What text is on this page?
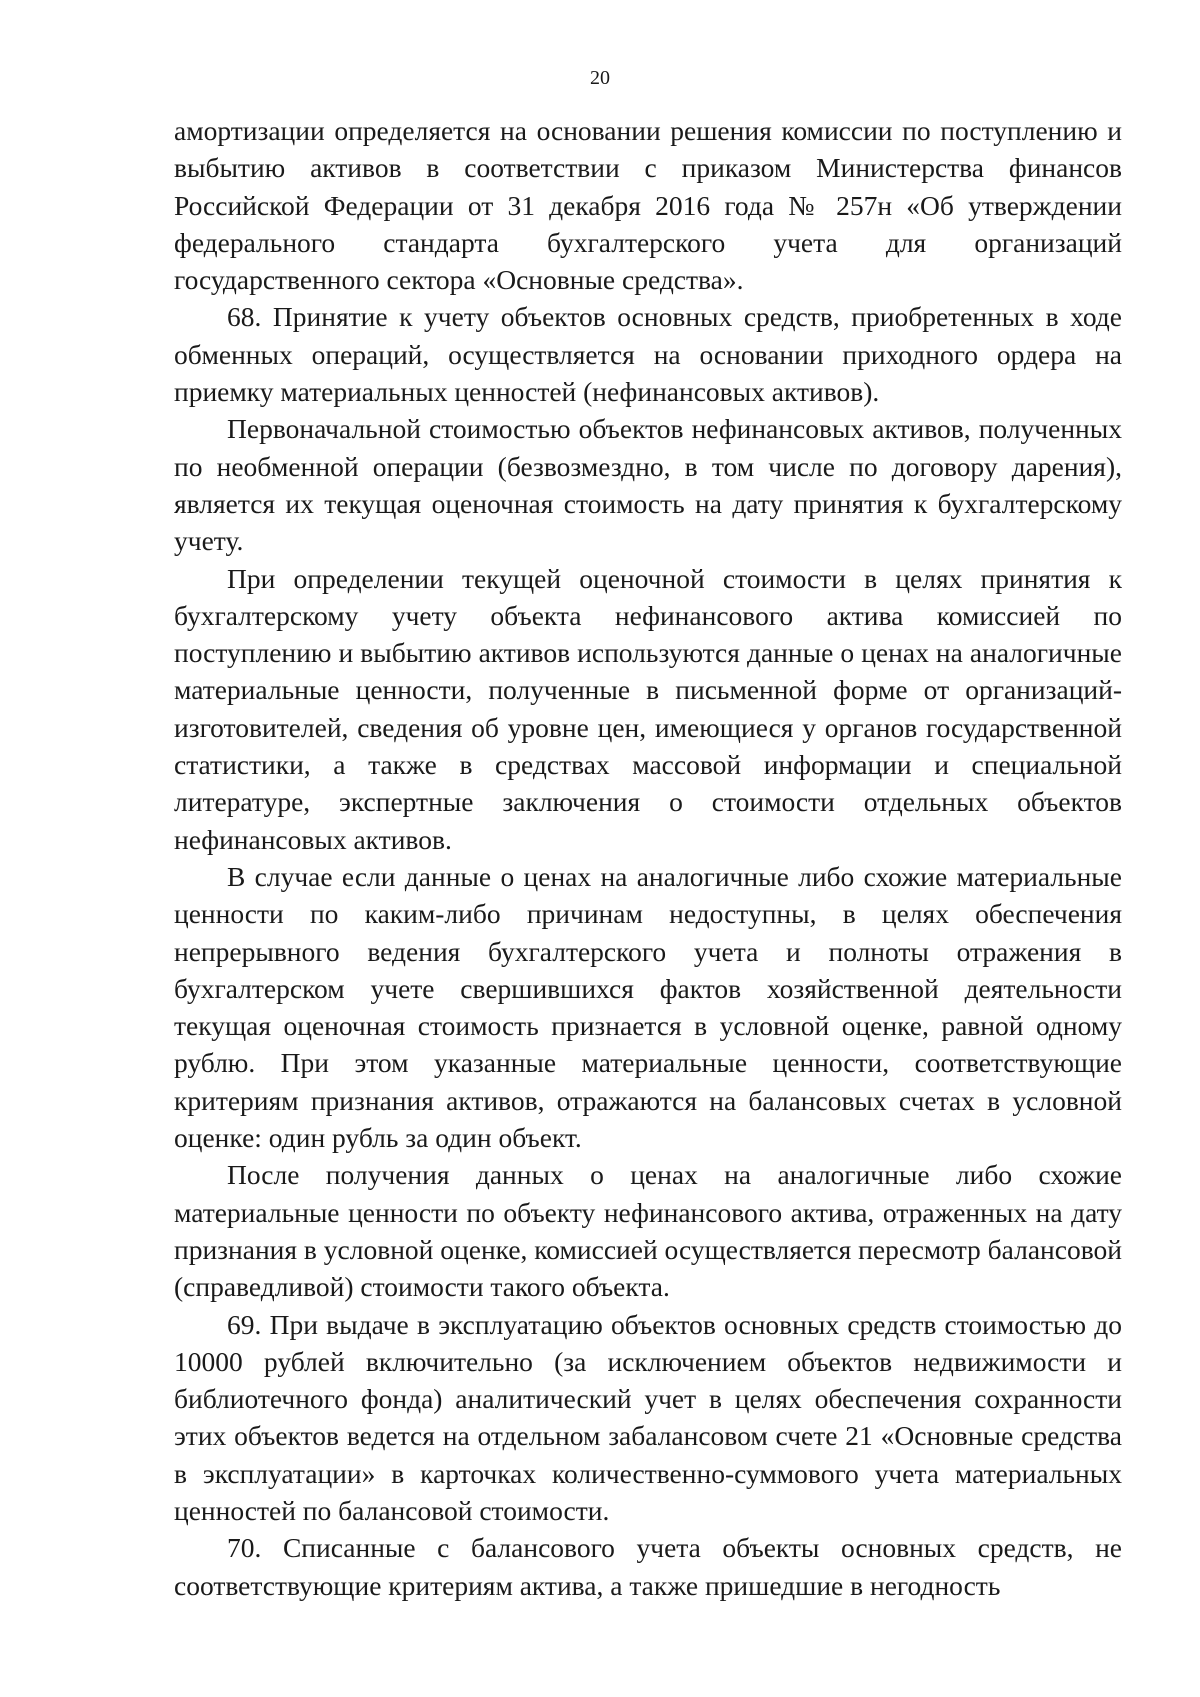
20

амортизации определяется на основании решения комиссии по поступлению и выбытию активов в соответствии с приказом Министерства финансов Российской Федерации от 31 декабря 2016 года № 257н «Об утверждении федерального стандарта бухгалтерского учета для организаций государственного сектора «Основные средства».

68. Принятие к учету объектов основных средств, приобретенных в ходе обменных операций, осуществляется на основании приходного ордера на приемку материальных ценностей (нефинансовых активов).

Первоначальной стоимостью объектов нефинансовых активов, полученных по необменной операции (безвозмездно, в том числе по договору дарения), является их текущая оценочная стоимость на дату принятия к бухгалтерскому учету.

При определении текущей оценочной стоимости в целях принятия к бухгалтерскому учету объекта нефинансового актива комиссией по поступлению и выбытию активов используются данные о ценах на аналогичные материальные ценности, полученные в письменной форме от организаций-изготовителей, сведения об уровне цен, имеющиеся у органов государственной статистики, а также в средствах массовой информации и специальной литературе, экспертные заключения о стоимости отдельных объектов нефинансовых активов.

В случае если данные о ценах на аналогичные либо схожие материальные ценности по каким-либо причинам недоступны, в целях обеспечения непрерывного ведения бухгалтерского учета и полноты отражения в бухгалтерском учете свершившихся фактов хозяйственной деятельности текущая оценочная стоимость признается в условной оценке, равной одному рублю. При этом указанные материальные ценности, соответствующие критериям признания активов, отражаются на балансовых счетах в условной оценке: один рубль за один объект.

После получения данных о ценах на аналогичные либо схожие материальные ценности по объекту нефинансового актива, отраженных на дату признания в условной оценке, комиссией осуществляется пересмотр балансовой (справедливой) стоимости такого объекта.

69. При выдаче в эксплуатацию объектов основных средств стоимостью до 10000 рублей включительно (за исключением объектов недвижимости и библиотечного фонда) аналитический учет в целях обеспечения сохранности этих объектов ведется на отдельном забалансовом счете 21 «Основные средства в эксплуатации» в карточках количественно-суммового учета материальных ценностей по балансовой стоимости.

70. Списанные с балансового учета объекты основных средств, не соответствующие критериям актива, а также пришедшие в негодность
